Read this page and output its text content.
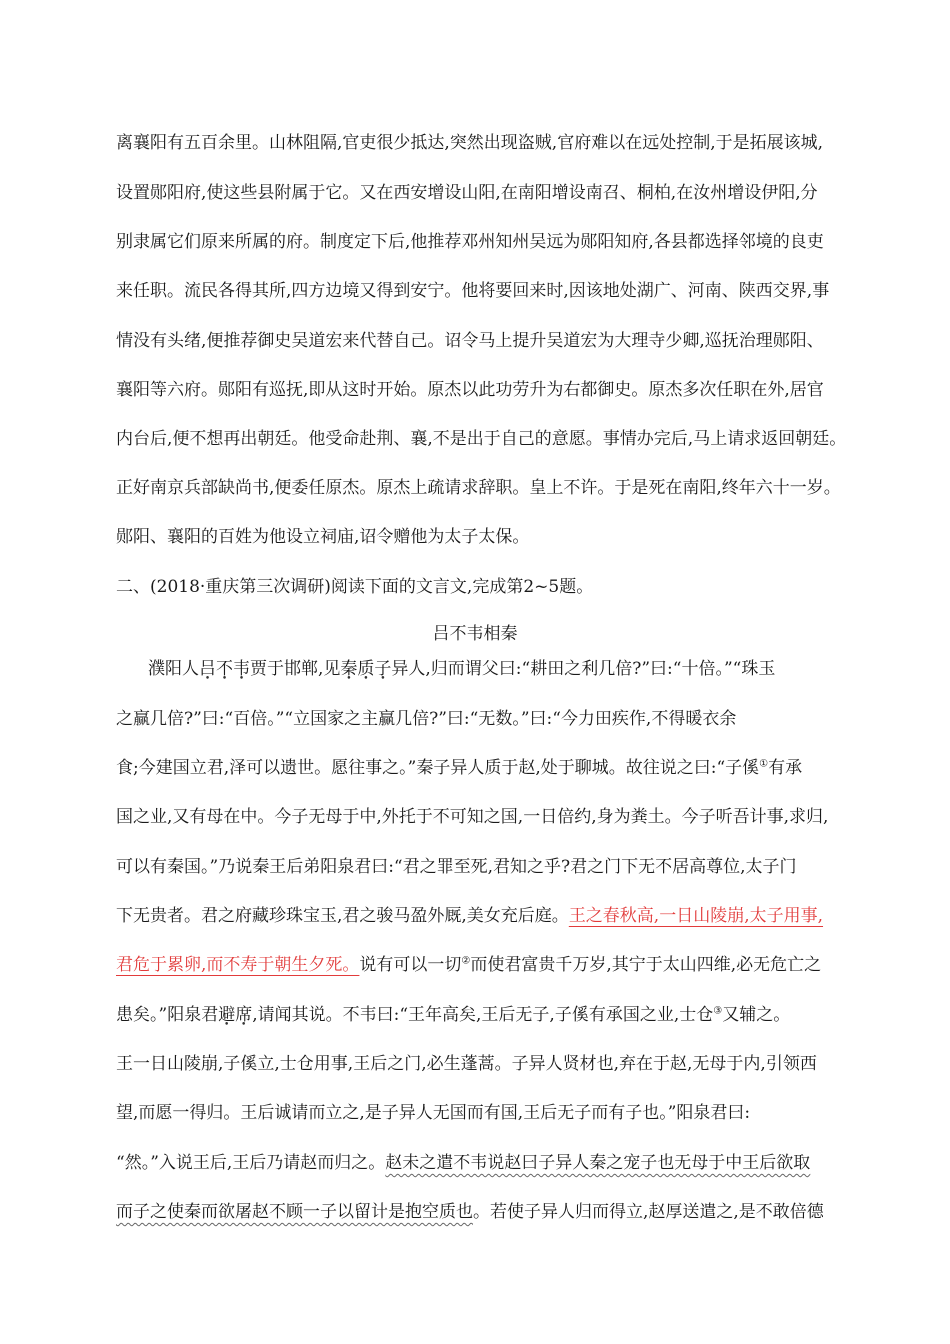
离襄阳有五百余里。山林阻隔,官吏很少抵达,突然出现盗贼,官府难以在远处控制,于是拓展该城,
设置郧阳府,使这些县附属于它。又在西安增设山阳,在南阳增设南召、桐柏,在汝州增设伊阳,分
别隶属它们原来所属的府。制度定下后,他推荐邓州知州吴远为郧阳知府,各县都选择邻境的良吏
来任职。流民各得其所,四方边境又得到安宁。他将要回来时,因该地处湖广、河南、陕西交界,事
情没有头绪,便推荐御史吴道宏来代替自己。诏令马上提升吴道宏为大理寺少卿,巡抚治理郧阳、
襄阳等六府。郧阳有巡抚,即从这时开始。原杰以此功劳升为右都御史。原杰多次任职在外,居官
内台后,便不想再出朝廷。他受命赴荆、襄,不是出于自己的意愿。事情办完后,马上请求返回朝廷。
正好南京兵部缺尚书,便委任原杰。原杰上疏请求辞职。皇上不许。于是死在南阳,终年六十一岁。
郧阳、襄阳的百姓为他设立祠庙,诏令赠他为太子太保。
二、(2018·重庆第三次调研)阅读下面的文言文,完成第2~5题。
吕不韦相秦
濮阳人吕不韦贾于邯郸,见秦质子异人,归而谓父曰:“耕田之利几倍?”曰:“十倍。”“珠玉
之赢几倍?”曰:“百倍。”“立国家之主赢几倍?”曰:“无数。”曰:“今力田疾作,不得暖衣余
食;今建国立君,泽可以遗世。愿往事之。”秦子异人质于赵,处于聊城。故往说之曰:“子傒①有承
国之业,又有母在中。今子无母于中,外托于不可知之国,一日倍约,身为粪土。今子听吾计事,求归,
可以有秦国。”乃说秦王后弟阳泉君曰:“君之罪至死,君知之乎?君之门下无不居高尊位,太子门
下无贵者。君之府藏珍珠宝玉,君之骏马盈外厩,美女充后庭。王之春秋高,一日山陵崩,太子用事,
君危于累卵,而不寿于朝生夕死。说有可以一切②而使君富贵千万岁,其宁于太山四维,必无危亡之
患矣。”阳泉君避席,请闻其说。不韦曰:“王年高矣,王后无子,子傒有承国之业,士仓③又辅之。
王一日山陵崩,子傒立,士仓用事,王后之门,必生蓬蒿。子异人贤材也,弃在于赵,无母于内,引领西
望,而愿一得归。王后诚请而立之,是子异人无国而有国,王后无子而有子也。”阳泉君曰:
“然。”入说王后,王后乃请赵而归之。赵未之遣不韦说赵曰子异人秦之宠子也无母于中王后欲取
而子之使秦而欲屠赵不顾一子以留计是抱空质也。若使子异人归而得立,赵厚送遣之,是不敢倍德
